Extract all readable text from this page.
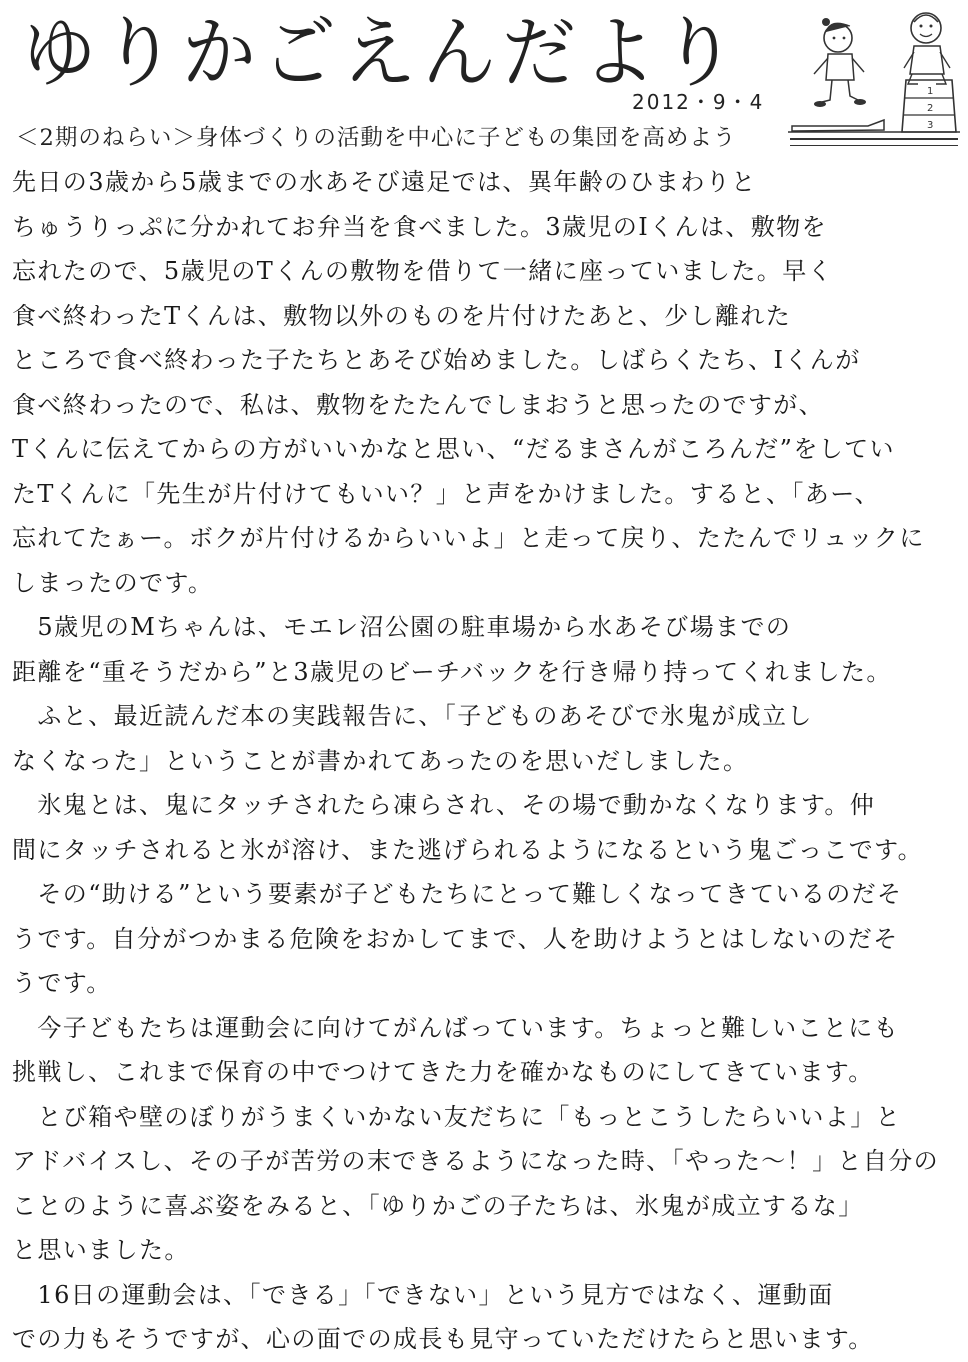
ゆりかごえんだより
2012・9・4	1
2
3
＜2期のねらい＞身体づくりの活動を中心に子どもの集団を高めよう
先日の3歳から5歳までの水あそび遠足では、異年齢のひまわりと
ちゅうりっぷに分かれてお弁当を食べました。3歳児のIくんは、敷物を
忘れたので、5歳児のTくんの敷物を借りて一緒に座っていました。早く
食べ終わったTくんは、敷物以外のものを片付けたあと、少し離れた
ところで食べ終わった子たちとあそび始めました。しばらくたち、Iくんが
食べ終わったので、私は、敷物をたたんでしまおうと思ったのですが、
Tくんに伝えてからの方がいいかなと思い、“だるまさんがころんだ”をしてい
たTくんに「先生が片付けてもいい？」と声をかけました。すると、「あー、
忘れてたぁー。ボクが片付けるからいいよ」と走って戻り、たたんでリュックに
しまったのです。
　5歳児のMちゃんは、モエレ沼公園の駐車場から水あそび場までの
距離を“重そうだから”と3歳児のビーチバックを行き帰り持ってくれました。
　ふと、最近読んだ本の実践報告に、「子どものあそびで氷鬼が成立し
なくなった」ということが書かれてあったのを思いだしました。
　氷鬼とは、鬼にタッチされたら凍らされ、その場で動かなくなります。仲
間にタッチされると氷が溶け、また逃げられるようになるという鬼ごっこです。
　その“助ける”という要素が子どもたちにとって難しくなってきているのだそ
うです。自分がつかまる危険をおかしてまで、人を助けようとはしないのだそ
うです。
　今子どもたちは運動会に向けてがんばっています。ちょっと難しいことにも
挑戦し、これまで保育の中でつけてきた力を確かなものにしてきています。
　とび箱や壁のぼりがうまくいかない友だちに「もっとこうしたらいいよ」と
アドバイスし、その子が苦労の末できるようになった時、「やった～！」と自分の
ことのように喜ぶ姿をみると、「ゆりかごの子たちは、氷鬼が成立するな」
と思いました。
　16日の運動会は、「できる」「できない」という見方ではなく、運動面
での力もそうですが、心の面での成長も見守っていただけたらと思います。
